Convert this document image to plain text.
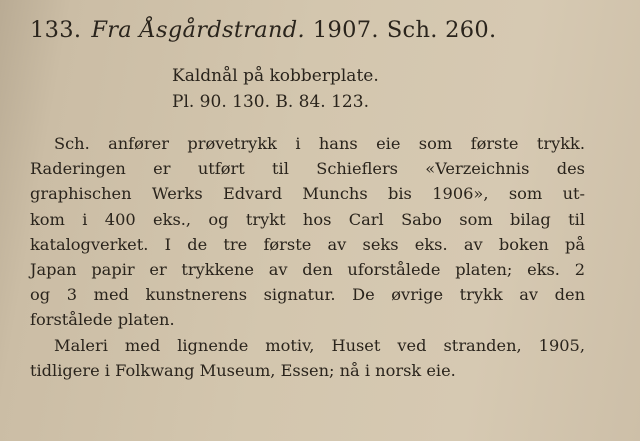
133. Fra Åsgårdstrand. 1907. Sch. 260.
Kaldnål på kobberplate.
Pl. 90. 130. B. 84. 123.
Sch. anfører prøvetrykk i hans eie som første trykk.
Raderingen er utført til Schieflers «Verzeichnis des
graphischen Werks Edvard Munchs bis 1906», som ut-
kom i 400 eks., og trykt hos Carl Sabo som bilag til
katalogverket. I de tre første av seks eks. av boken på
Japan papir er trykkene av den uforstålede platen; eks. 2
og 3 med kunstnerens signatur. De øvrige trykk av den
forstålede platen.
Maleri med lignende motiv, Huset ved stranden, 1905,
tidligere i Folkwang Museum, Essen; nå i norsk eie.
